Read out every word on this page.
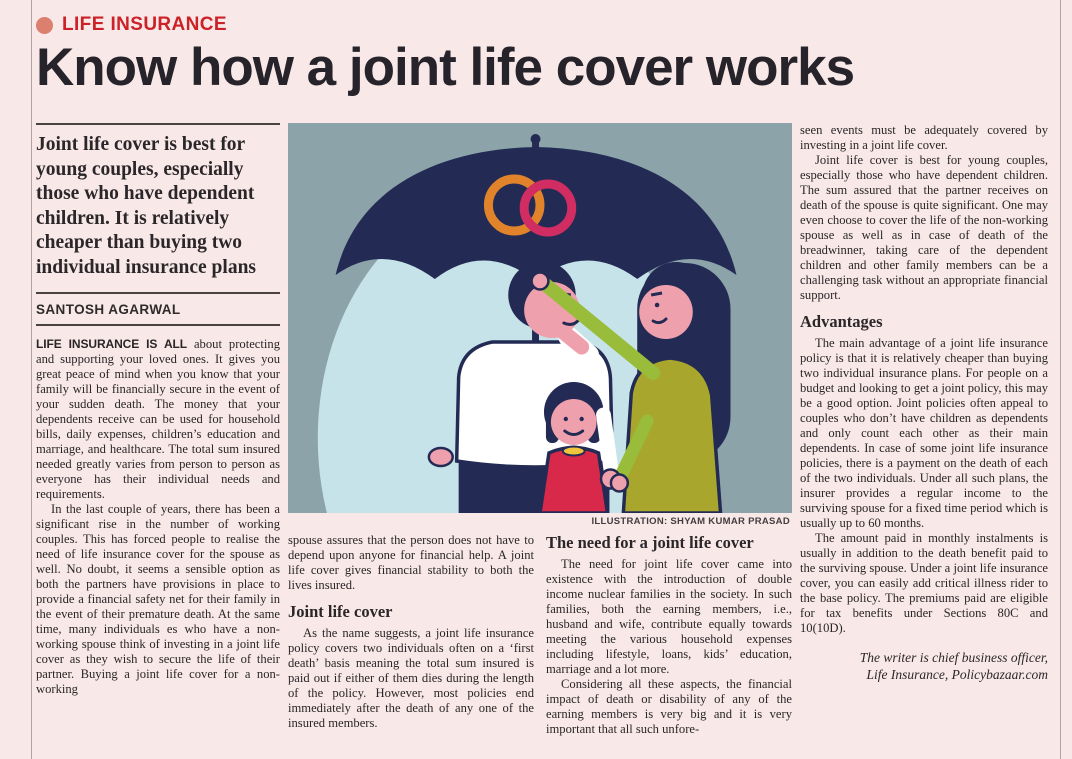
LIFE INSURANCE
Know how a joint life cover works
Joint life cover is best for young couples, especially those who have dependent children. It is relatively cheaper than buying two individual insurance plans
SANTOSH AGARWAL

LIFE INSURANCE IS ALL about protecting and supporting your loved ones. It gives you great peace of mind when you know that your family will be financially secure in the event of your sudden death. The money that your dependents receive can be used for household bills, daily expenses, children’s education and marriage, and healthcare. The total sum insured needed greatly varies from person to person as everyone has their individual needs and requirements.

In the last couple of years, there has been a significant rise in the number of working couples. This has forced people to realise the need of life insurance cover for the spouse as well. No doubt, it seems a sensible option as both the partners have provisions in place to provide a financial safety net for their family in the event of their premature death. At the same time, many individuals es who have a non-working spouse think of investing in a joint life cover as they wish to secure the life of their partner. Buying a joint life cover for a non-working

ILLUSTRATION: SHYAM KUMAR PRASAD

spouse assures that the person does not have to depend upon anyone for financial help. A joint life cover gives financial stability to both the lives insured.

Joint life cover

As the name suggests, a joint life insurance policy covers two individuals often on a ‘first death’ basis meaning the total sum insured is paid out if either of them dies during the length of the policy. However, most policies end immediately after the death of any one of the insured members.

The need for a joint life cover

The need for joint life cover came into existence with the introduction of double income nuclear families in the society. In such families, both the earning members, i.e., husband and wife, contribute equally towards meeting the various household expenses including lifestyle, loans, kids’ education, marriage and a lot more.

Considering all these aspects, the financial impact of death or disability of any of the earning members is very big and it is very important that all such unfore-

seen events must be adequately covered by investing in a joint life cover.

Joint life cover is best for young couples, especially those who have dependent children. The sum assured that the partner receives on death of the spouse is quite significant. One may even choose to cover the life of the non-working spouse as well as in case of death of the breadwinner, taking care of the dependent children and other family members can be a challenging task without an appropriate financial support.

Advantages

The main advantage of a joint life insurance policy is that it is relatively cheaper than buying two individual insurance plans. For people on a budget and looking to get a joint policy, this may be a good option. Joint policies often appeal to couples who don’t have children as dependents and only count each other as their main dependents. In case of some joint life insurance policies, there is a payment on the death of each of the two individuals. Under all such plans, the insurer provides a regular income to the surviving spouse for a fixed time period which is usually up to 60 months.

The amount paid in monthly instalments is usually in addition to the death benefit paid to the surviving spouse. Under a joint life insurance cover, you can easily add critical illness rider to the base policy. The premiums paid are eligible for tax benefits under Sections 80C and 10(10D).

The writer is chief business officer,
Life Insurance, Policybazaar.com
